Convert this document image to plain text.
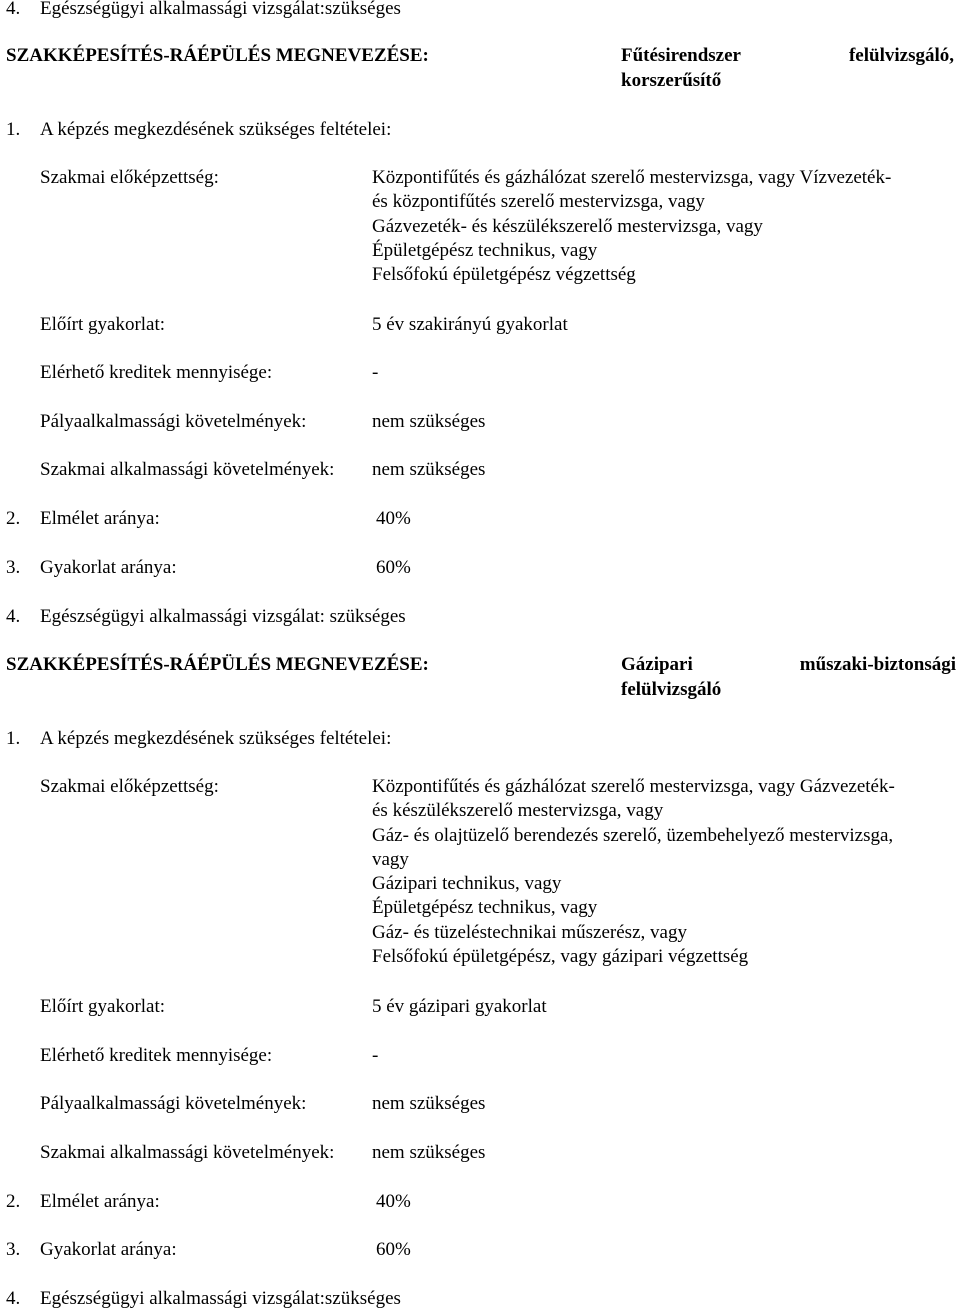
4. Egészségügyi alkalmassági vizsgálat:szükséges
SZAKKÉPESÍTÉS-RÁÉPÜLÉS MEGNEVEZÉSE:	Fűtésirendszer	felülvizsgáló,
korszerűsítő
1. A képzés megkezdésének szükséges feltételei:
Szakmai előképzettség:	Központifűtés és gázhálózat szerelő mestervizsga, vagy Vízvezeték-
és központifűtés szerelő mestervizsga, vagy
Gázvezeték- és készülékszerelő mestervizsga, vagy
Épületgépész technikus, vagy
Felsőfokú épületgépész végzettség
Előírt gyakorlat:	5 év szakirányú gyakorlat
Elérhető kreditek mennyisége:	-
Pályaalkalmassági követelmények:	nem szükséges
Szakmai alkalmassági követelmények: nem szükséges
2. Elmélet aránya:	40%
3. Gyakorlat aránya:	60%
4. Egészségügyi alkalmassági vizsgálat: szükséges
SZAKKÉPESÍTÉS-RÁÉPÜLÉS MEGNEVEZÉSE:	Gázipari	műszaki-biztonsági
felülvizsgáló
1. A képzés megkezdésének szükséges feltételei:
Szakmai előképzettség:	Központifűtés és gázhálózat szerelő mestervizsga, vagy Gázvezeték-
és készülékszerelő mestervizsga, vagy
Gáz- és olajtüzelő berendezés szerelő, üzembehelyező mestervizsga,
vagy
Gázipari technikus, vagy
Épületgépész technikus, vagy
Gáz- és tüzeléstechnikai műszerész, vagy
Felsőfokú épületgépész, vagy gázipari végzettség
Előírt gyakorlat:	5 év gázipari gyakorlat
Elérhető kreditek mennyisége:	-
Pályaalkalmassági követelmények:	nem szükséges
Szakmai alkalmassági követelmények: nem szükséges
2. Elmélet aránya:	40%
3. Gyakorlat aránya:	60%
4. Egészségügyi alkalmassági vizsgálat:szükséges
